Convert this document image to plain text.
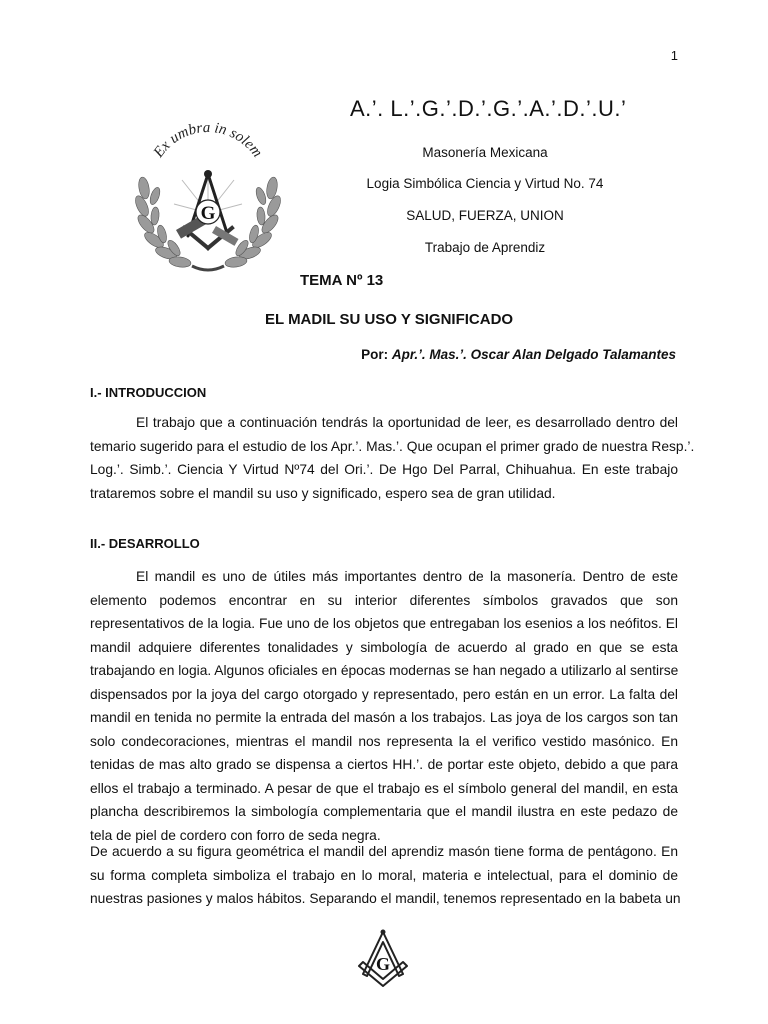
1
Ex umbra in solem
G
A.’. L.’.G.’.D.’.G.’.A.’.D.’.U.’
Masonería Mexicana
Logia Simbólica Ciencia y Virtud No. 74
SALUD, FUERZA, UNION
Trabajo de Aprendiz
TEMA Nº 13
EL MADIL SU USO Y SIGNIFICADO
Por: Apr.’. Mas.’. Oscar Alan Delgado Talamantes
I.- INTRODUCCION
El trabajo que a continuación tendrás la oportunidad de leer, es desarrollado dentro del
temario sugerido para el estudio de los Apr.’. Mas.’. Que ocupan el primer grado de nuestra Resp.’.
Log.’. Simb.’. Ciencia Y Virtud Nº74 del Ori.’. De Hgo Del Parral, Chihuahua. En este trabajo
trataremos sobre el mandil su uso y significado, espero sea de gran utilidad.
II.- DESARROLLO
El mandil es uno de útiles más importantes dentro de la masonería. Dentro de este
elemento podemos encontrar en su interior diferentes símbolos gravados que son
representativos de la logia. Fue uno de los objetos que entregaban los esenios a los neófitos. El
mandil adquiere diferentes tonalidades y simbología de acuerdo al grado en que se esta
trabajando en logia. Algunos oficiales en épocas modernas se han negado a utilizarlo al sentirse
dispensados por la joya del cargo otorgado y representado, pero están en un error. La falta del
mandil en tenida no permite la entrada del masón a los trabajos. Las joya de los cargos son tan
solo condecoraciones, mientras el mandil nos representa la el verifico vestido masónico. En
tenidas de mas alto grado se dispensa a ciertos HH.’. de portar este objeto, debido a que para
ellos el trabajo a terminado. A pesar de que el trabajo es el símbolo general del mandil, en esta
plancha describiremos la simbología complementaria que el mandil ilustra en este pedazo de
tela de piel de cordero con forro de seda negra.
De acuerdo a su figura geométrica el mandil del aprendiz masón tiene forma de pentágono. En
su forma completa simboliza el trabajo en lo moral, materia e intelectual, para el dominio de
nuestras pasiones y malos hábitos. Separando el mandil, tenemos representado en la babeta un
G
